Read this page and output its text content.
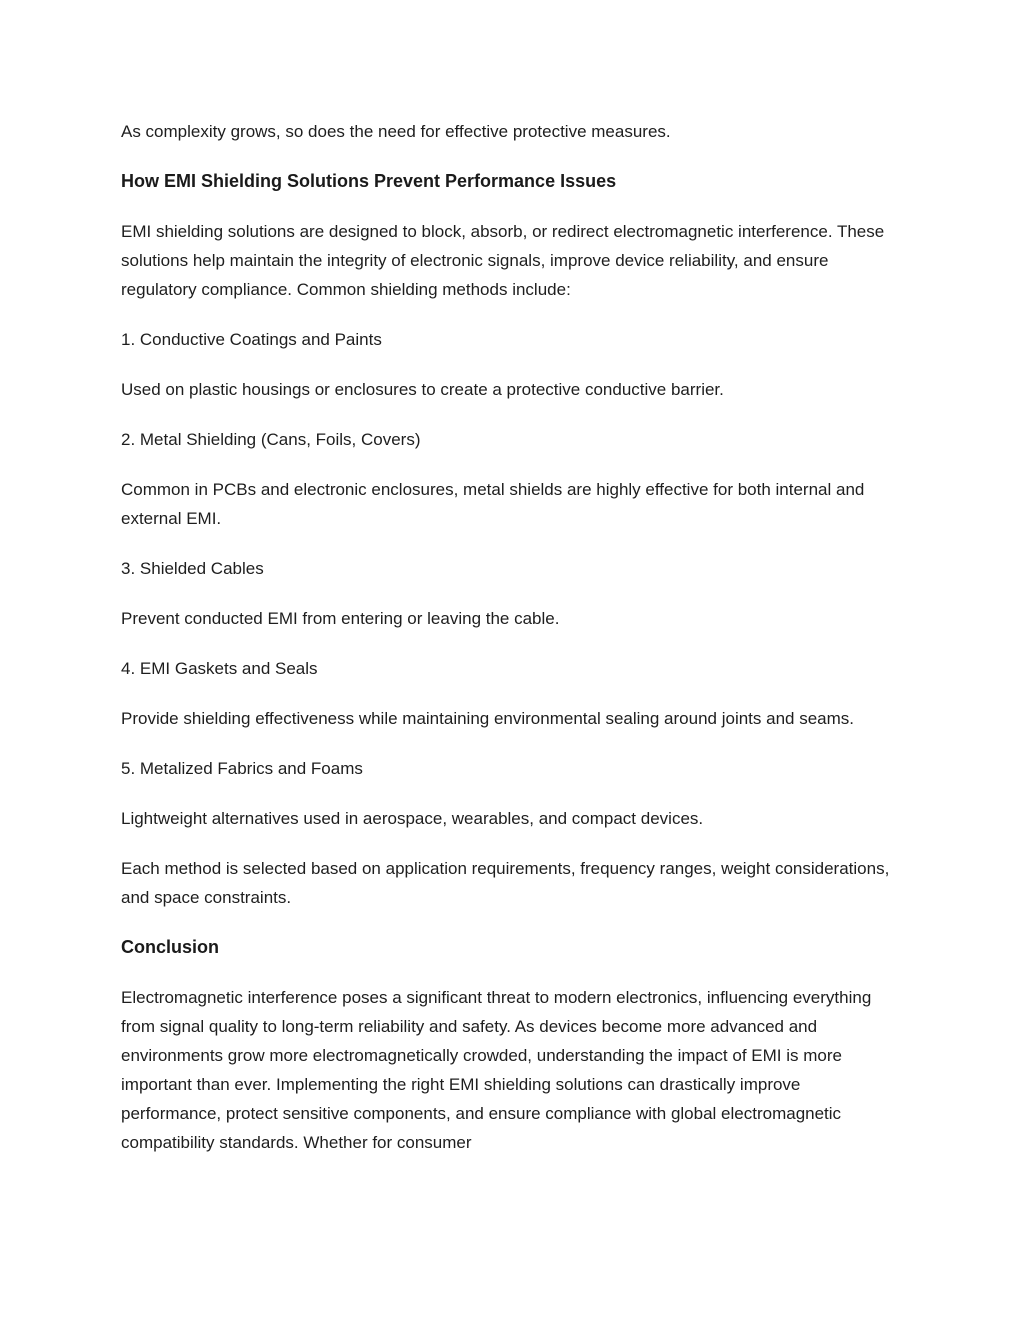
As complexity grows, so does the need for effective protective measures.

How EMI Shielding Solutions Prevent Performance Issues

EMI shielding solutions are designed to block, absorb, or redirect electromagnetic interference. These solutions help maintain the integrity of electronic signals, improve device reliability, and ensure regulatory compliance. Common shielding methods include:

1. Conductive Coatings and Paints

Used on plastic housings or enclosures to create a protective conductive barrier.

2. Metal Shielding (Cans, Foils, Covers)

Common in PCBs and electronic enclosures, metal shields are highly effective for both internal and external EMI.

3. Shielded Cables

Prevent conducted EMI from entering or leaving the cable.

4. EMI Gaskets and Seals

Provide shielding effectiveness while maintaining environmental sealing around joints and seams.

5. Metalized Fabrics and Foams

Lightweight alternatives used in aerospace, wearables, and compact devices.

Each method is selected based on application requirements, frequency ranges, weight considerations, and space constraints.

Conclusion

Electromagnetic interference poses a significant threat to modern electronics, influencing everything from signal quality to long-term reliability and safety. As devices become more advanced and environments grow more electromagnetically crowded, understanding the impact of EMI is more important than ever. Implementing the right EMI shielding solutions can drastically improve performance, protect sensitive components, and ensure compliance with global electromagnetic compatibility standards. Whether for consumer
